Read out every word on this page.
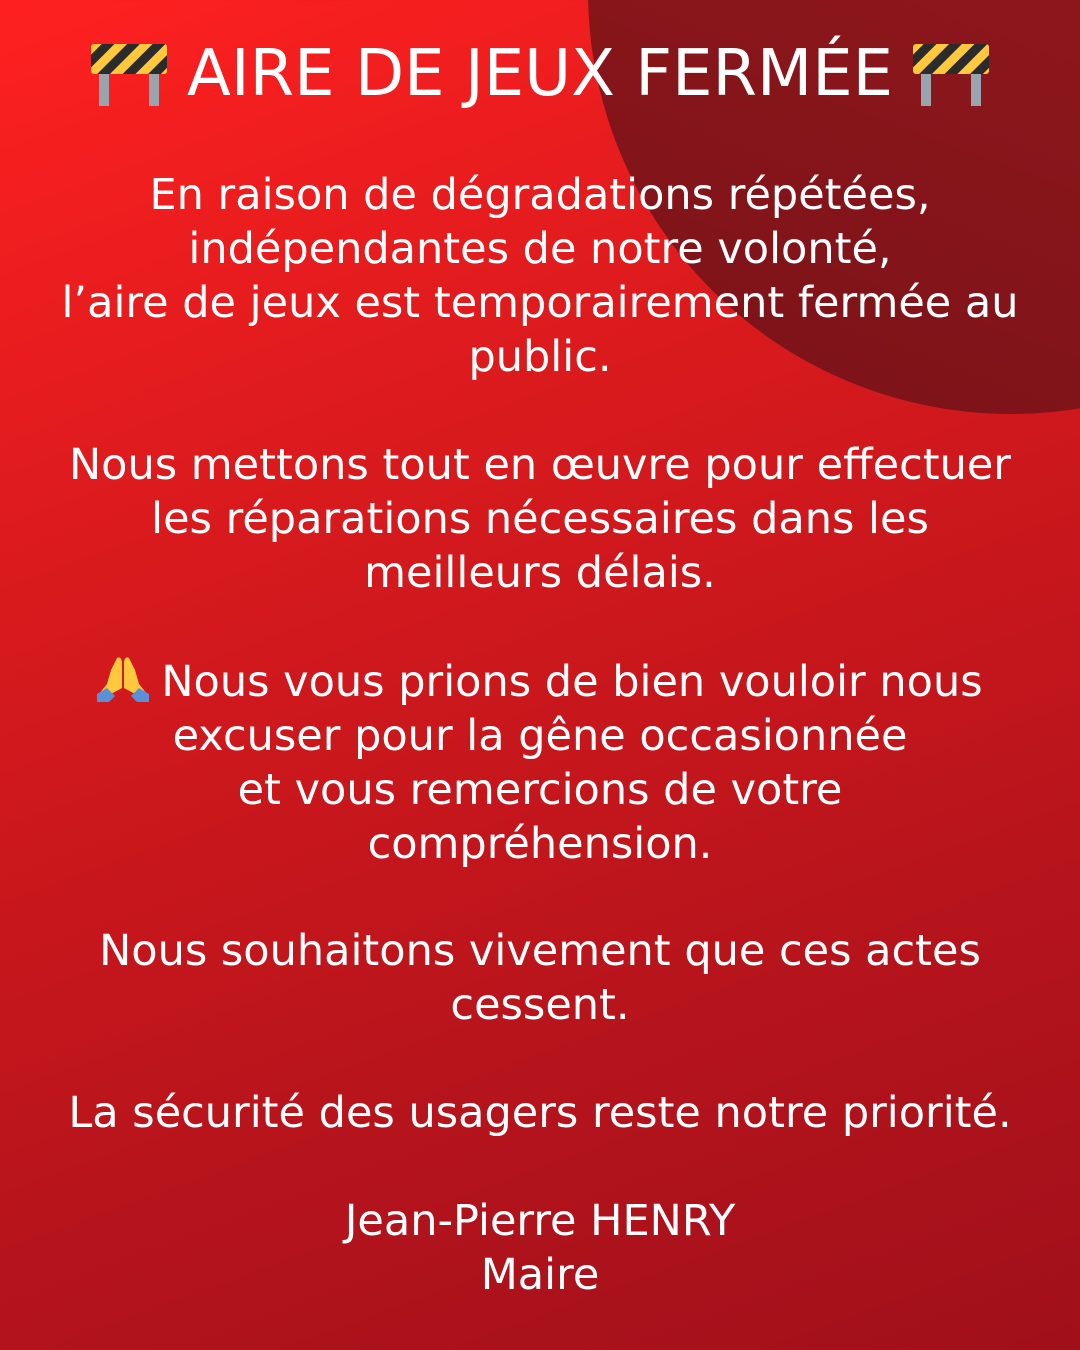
AIRE DE JEUX FERMÉE
En raison de dégradations répétées,
indépendantes de notre volonté,
l’aire de jeux est temporairement fermée au
public.
Nous mettons tout en œuvre pour effectuer
les réparations nécessaires dans les
meilleurs délais.
Nous vous prions de bien vouloir nous
excuser pour la gêne occasionnée
et vous remercions de votre
compréhension.
Nous souhaitons vivement que ces actes
cessent.
La sécurité des usagers reste notre priorité.
Jean-Pierre HENRY
Maire
